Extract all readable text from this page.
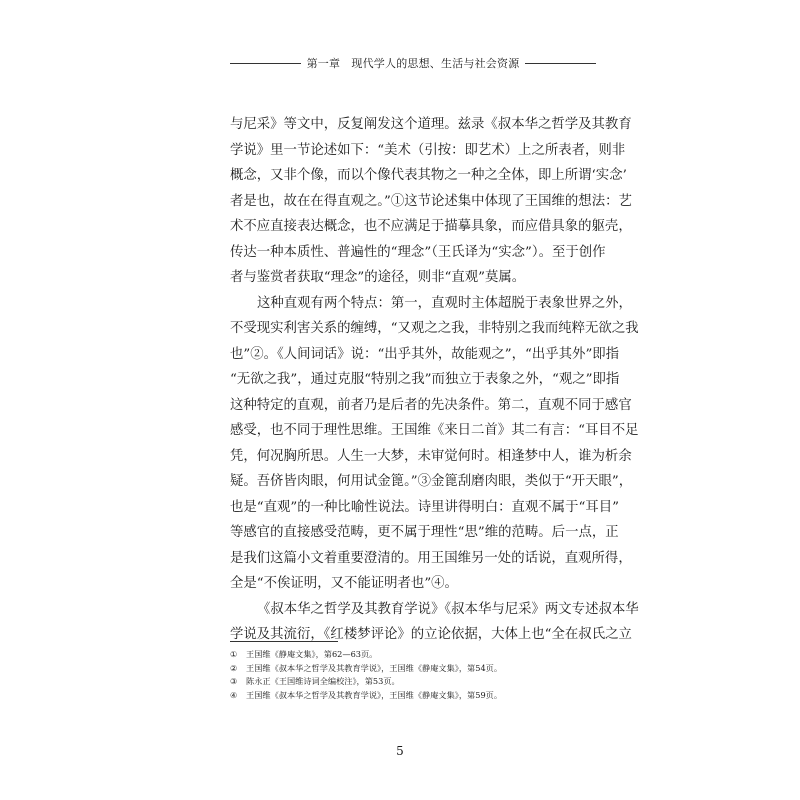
第一章　现代学人的思想、生活与社会资源
与尼采》等文中，反复阐发这个道理。兹录《叔本华之哲学及其教育
学说》里一节论述如下：“美术（引按：即艺术）上之所表者，则非
概念，又非个像，而以个像代表其物之一种之全体，即上所谓‘实念’
者是也，故在在得直观之。”①这节论述集中体现了王国维的想法：艺
术不应直接表达概念，也不应满足于描摹具象，而应借具象的躯壳，
传达一种本质性、普遍性的“理念”（王氏译为“实念”）。至于创作
者与鉴赏者获取“理念”的途径，则非“直观”莫属。
这种直观有两个特点：第一，直观时主体超脱于表象世界之外，
不受现实利害关系的缠缚，“又观之之我，非特别之我而纯粹无欲之我
也”②。《人间词话》说：“出乎其外，故能观之”，“出乎其外”即指
“无欲之我”，通过克服“特别之我”而独立于表象之外，“观之”即指
这种特定的直观，前者乃是后者的先决条件。第二，直观不同于感官
感受，也不同于理性思维。王国维《来日二首》其二有言：“耳目不足
凭，何况胸所思。人生一大梦，未审觉何时。相逢梦中人，谁为析余
疑。吾侪皆肉眼，何用试金篦。”③金篦刮磨肉眼，类似于“开天眼”，
也是“直观”的一种比喻性说法。诗里讲得明白：直观不属于“耳目”
等感官的直接感受范畴，更不属于理性“思”维的范畴。后一点，正
是我们这篇小文着重要澄清的。用王国维另一处的话说，直观所得，
全是“不俟证明，又不能证明者也”④。
《叔本华之哲学及其教育学说》《叔本华与尼采》两文专述叔本华
学说及其流衍，《红楼梦评论》的立论依据，大体上也“全在叔氏之立
①	王国维《静庵文集》，第62—63页。
②	王国维《叔本华之哲学及其教育学说》，王国维《静庵文集》，第54页。
③	陈永正《王国维诗词全编校注》，第53页。
④	王国维《叔本华之哲学及其教育学说》，王国维《静庵文集》，第59页。
5
